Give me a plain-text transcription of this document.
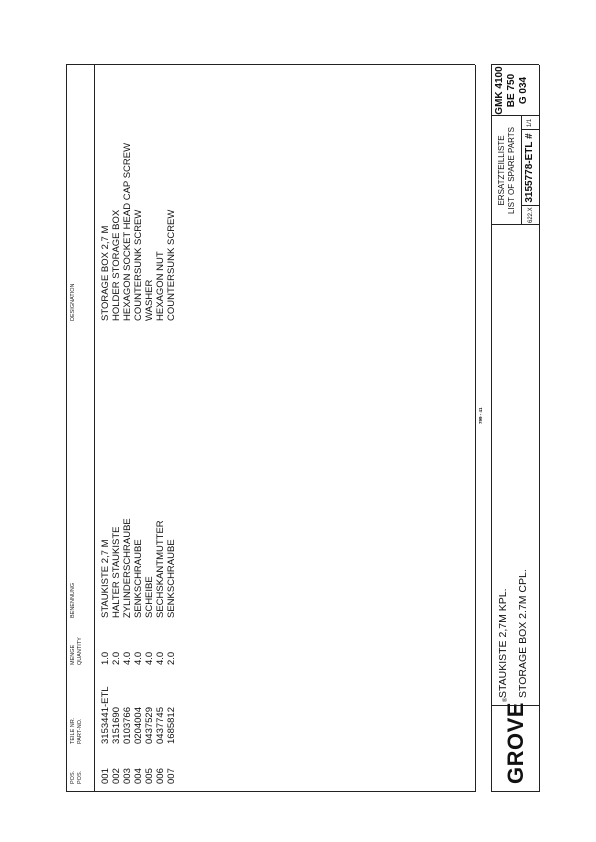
POS. POS.
TEILE NR. PART-NO.
MENGE QUANTITY
BENENNUNG
DESIGNATION
001
3153441-ETL
1.0
STAUKISTE 2,7 M
STORAGE BOX 2,7 M
002
3151690
2.0
HALTER STAUKISTE
HOLDER STORAGE BOX
003
0103766
4.0
ZYLINDERSCHRAUBE
HEXAGON SOCKET HEAD CAP SCREW
004
0204004
4.0
SENKSCHRAUBE
COUNTERSUNK SCREW
005
0437529
4.0
SCHEIBE
WASHER
006
0437745
4.0
SECHSKANTMUTTER
HEXAGON NUT
007
1685812
2.0
SENKSCHRAUBE
COUNTERSUNK SCREW
799 - 41
GROVE®
STAUKISTE 2,7M KPL. STORAGE BOX 2.7M CPL.
ERSATZTEILLISTE LIST OF SPARE PARTS
622.X
3155778-ETL #
1/1
GMK 4100 BE 750 G 034
